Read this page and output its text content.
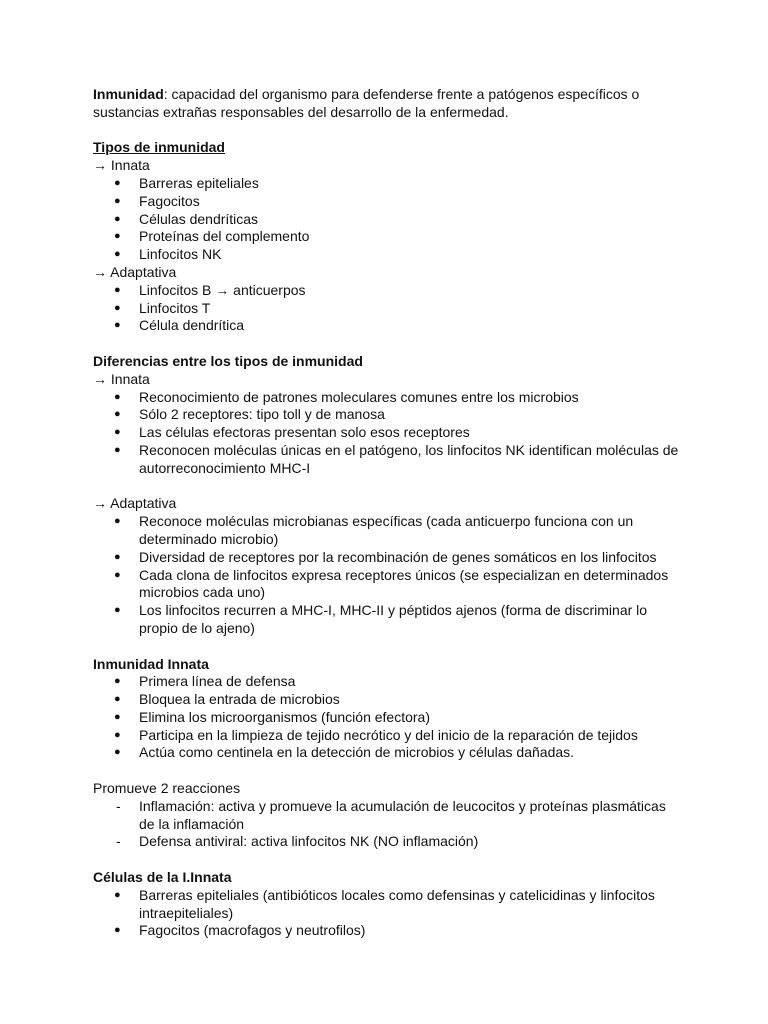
Inmunidad: capacidad del organismo para defenderse frente a patógenos específicos o sustancias extrañas responsables del desarrollo de la enfermedad.

Tipos de inmunidad

→ Innata

● Barreras epiteliales
● Fagocitos
● Células dendríticas
● Proteínas del complemento
● Linfocitos NK

→ Adaptativa

● Linfocitos B → anticuerpos
● Linfocitos T
● Célula dendrítica

Diferencias entre los tipos de inmunidad

→ Innata

● Reconocimiento de patrones moleculares comunes entre los microbios
● Sólo 2 receptores: tipo toll y de manosa
● Las células efectoras presentan solo esos receptores
● Reconocen moléculas únicas en el patógeno, los linfocitos NK identifican moléculas de autorreconocimiento MHC-I

→ Adaptativa

● Reconoce moléculas microbianas específicas (cada anticuerpo funciona con un determinado microbio)
● Diversidad de receptores por la recombinación de genes somáticos en los linfocitos
● Cada clona de linfocitos expresa receptores únicos (se especializan en determinados microbios cada uno)
● Los linfocitos recurren a MHC-I, MHC-II y péptidos ajenos (forma de discriminar lo propio de lo ajeno)

Inmunidad Innata

● Primera línea de defensa
● Bloquea la entrada de microbios
● Elimina los microorganismos (función efectora)
● Participa en la limpieza de tejido necrótico y del inicio de la reparación de tejidos
● Actúa como centinela en la detección de microbios y células dañadas.

Promueve 2 reacciones

- Inflamación: activa y promueve la acumulación de leucocitos y proteínas plasmáticas de la inflamación
- Defensa antiviral: activa linfocitos NK (NO inflamación)

Células de la I.Innata

● Barreras epiteliales (antibióticos locales como defensinas y catelicidinas y linfocitos intraepiteliales)
● Fagocitos (macrofagos y neutrofilos)
